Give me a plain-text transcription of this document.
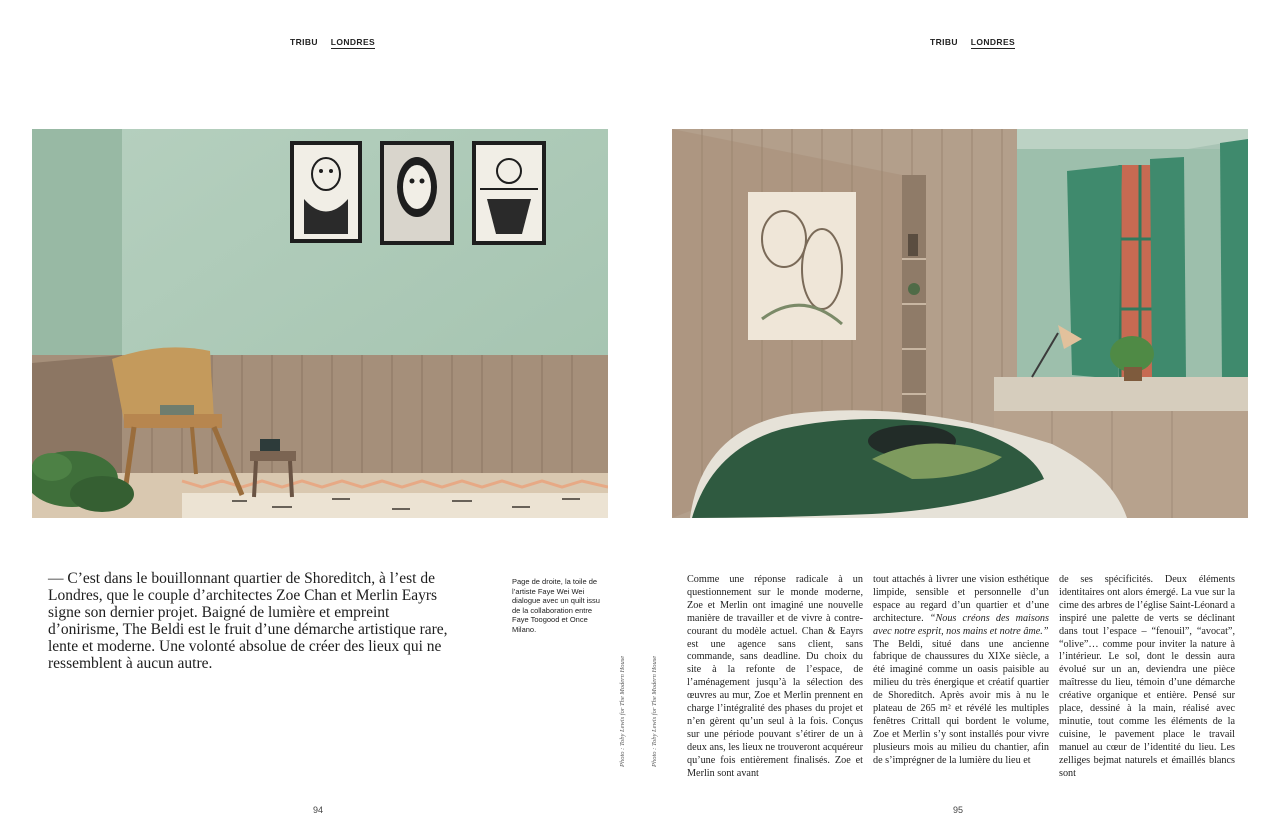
TRIBU LONDRES	TRIBU LONDRES

— C’est dans le bouillonnant quartier de Shoreditch, à l’est de Londres, que le couple d’architectes Zoe Chan et Merlin Eayrs signe son dernier projet. Baigné de lumière et empreint d’onirisme, The Beldi est le fruit d’une démarche artistique rare, lente et moderne. Une volonté absolue de créer des lieux qui ne ressemblent à aucun autre.

Page de droite, la toile de l’artiste Faye Wei Wei dialogue avec un quilt issu de la collaboration entre Faye Toogood et Once Milano.

Photo : Toby Lewis for The Modern House	Photo : Toby Lewis for The Modern House

Comme une réponse radicale à un questionnement sur le monde moderne, Zoe et Merlin ont imaginé une nouvelle manière de travailler et de vivre à contre-courant du modèle actuel. Chan & Eayrs est une agence sans client, sans commande, sans deadline. Du choix du site à la refonte de l’espace, de l’aménagement jusqu’à la sélection des œuvres au mur, Zoe et Merlin prennent en charge l’intégralité des phases du projet et n’en gèrent qu’un seul à la fois. Conçus sur une période pouvant s’étirer de un à deux ans, les lieux ne trouveront acquéreur qu’une fois entièrement finalisés. Zoe et Merlin sont avant

tout attachés à livrer une vision esthétique limpide, sensible et personnelle d’un espace au regard d’un quartier et d’une architecture. “Nous créons des maisons avec notre esprit, nos mains et notre âme.”
The Beldi, situé dans une ancienne fabrique de chaussures du XIXe siècle, a été imaginé comme un oasis paisible au milieu du très énergique et créatif quartier de Shoreditch. Après avoir mis à nu le plateau de 265 m² et révélé les multiples fenêtres Crittall qui bordent le volume, Zoe et Merlin s’y sont installés pour vivre plusieurs mois au milieu du chantier, afin de s’imprégner de la lumière du lieu et

de ses spécificités. Deux éléments identitaires ont alors émergé. La vue sur la cime des arbres de l’église Saint-Léonard a inspiré une palette de verts se déclinant dans tout l’espace – “fenouil”, “avocat”, “olive”… comme pour inviter la nature à l’intérieur. Le sol, dont le dessin aura évolué sur un an, deviendra une pièce maîtresse du lieu, témoin d’une démarche créative organique et entière. Pensé sur place, dessiné à la main, réalisé avec minutie, tout comme les éléments de la cuisine, le pavement place le travail manuel au cœur de l’identité du lieu. Les zelliges bejmat naturels et émaillés blancs sont

94	95
